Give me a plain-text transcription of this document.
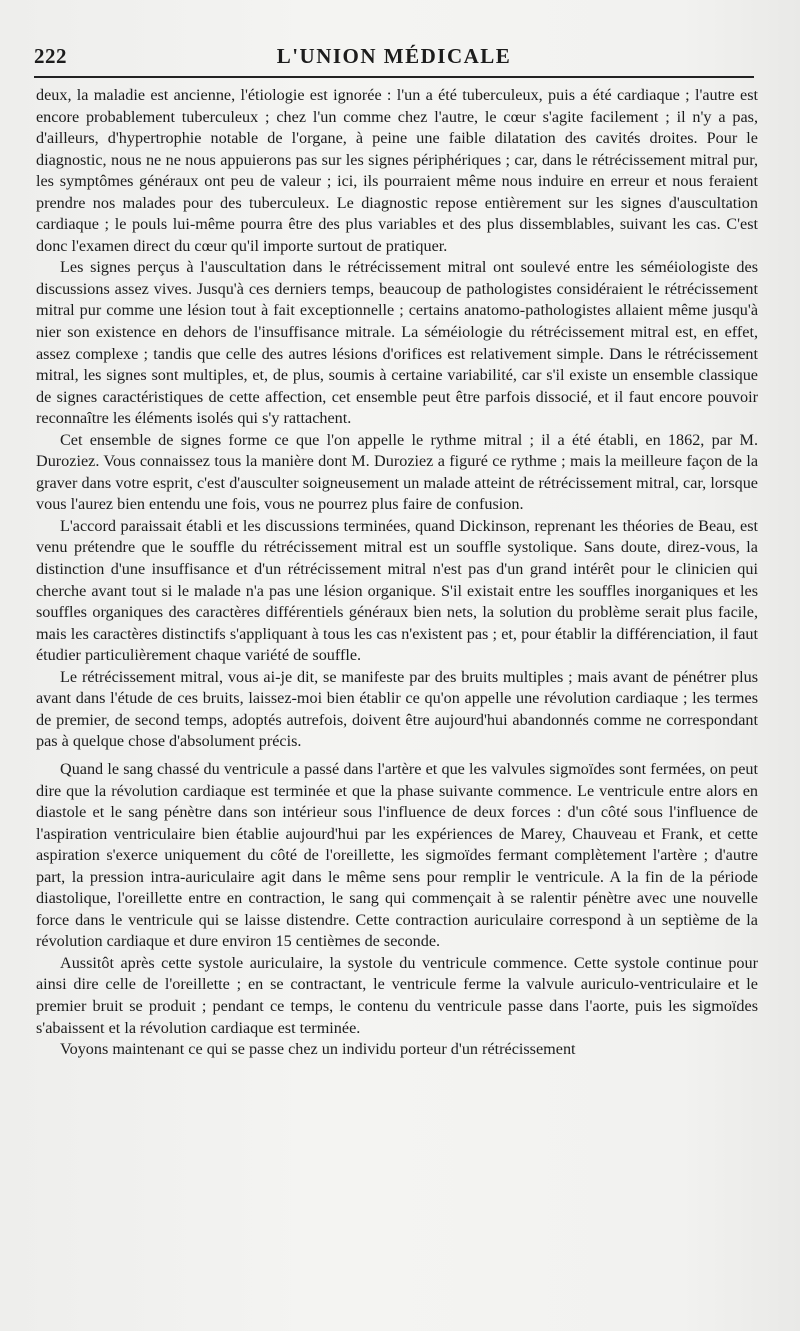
222	L'UNION MÉDICALE

deux, la maladie est ancienne, l'étiologie est ignorée : l'un a été tuberculeux, puis a été cardiaque ; l'autre est encore probablement tuberculeux ; chez l'un comme chez l'autre, le cœur s'agite facilement ; il n'y a pas, d'ailleurs, d'hypertrophie notable de l'organe, à peine une faible dilatation des cavités droites. Pour le diagnostic, nous ne ne nous appuierons pas sur les signes périphériques ; car, dans le rétrécissement mitral pur, les symptômes généraux ont peu de valeur ; ici, ils pourraient même nous induire en erreur et nous feraient prendre nos malades pour des tuberculeux. Le diagnostic repose entièrement sur les signes d'auscultation cardiaque ; le pouls lui-même pourra être des plus variables et des plus dissemblables, suivant les cas. C'est donc l'examen direct du cœur qu'il importe surtout de pratiquer.

Les signes perçus à l'auscultation dans le rétrécissement mitral ont soulevé entre les séméiologiste des discussions assez vives. Jusqu'à ces derniers temps, beaucoup de pathologistes considéraient le rétrécissement mitral pur comme une lésion tout à fait exceptionnelle ; certains anatomo-pathologistes allaient même jusqu'à nier son existence en dehors de l'insuffisance mitrale. La séméiologie du rétrécissement mitral est, en effet, assez complexe ; tandis que celle des autres lésions d'orifices est relativement simple. Dans le rétrécissement mitral, les signes sont multiples, et, de plus, soumis à certaine variabilité, car s'il existe un ensemble classique de signes caractéristiques de cette affection, cet ensemble peut être parfois dissocié, et il faut encore pouvoir reconnaître les éléments isolés qui s'y rattachent.

Cet ensemble de signes forme ce que l'on appelle le rythme mitral ; il a été établi, en 1862, par M. Duroziez. Vous connaissez tous la manière dont M. Duroziez a figuré ce rythme ; mais la meilleure façon de la graver dans votre esprit, c'est d'ausculter soigneusement un malade atteint de rétrécissement mitral, car, lorsque vous l'aurez bien entendu une fois, vous ne pourrez plus faire de confusion.

L'accord paraissait établi et les discussions terminées, quand Dickinson, reprenant les théories de Beau, est venu prétendre que le souffle du rétrécissement mitral est un souffle systolique. Sans doute, direz-vous, la distinction d'une insuffisance et d'un rétrécissement mitral n'est pas d'un grand intérêt pour le clinicien qui cherche avant tout si le malade n'a pas une lésion organique. S'il existait entre les souffles inorganiques et les souffles organiques des caractères différentiels généraux bien nets, la solution du problème serait plus facile, mais les caractères distinctifs s'appliquant à tous les cas n'existent pas ; et, pour établir la différenciation, il faut étudier particulièrement chaque variété de souffle.

Le rétrécissement mitral, vous ai-je dit, se manifeste par des bruits multiples ; mais avant de pénétrer plus avant dans l'étude de ces bruits, laissez-moi bien établir ce qu'on appelle une révolution cardiaque ; les termes de premier, de second temps, adoptés autrefois, doivent être aujourd'hui abandonnés comme ne correspondant pas à quelque chose d'absolument précis.

Quand le sang chassé du ventricule a passé dans l'artère et que les valvules sigmoïdes sont fermées, on peut dire que la révolution cardiaque est terminée et que la phase suivante commence. Le ventricule entre alors en diastole et le sang pénètre dans son intérieur sous l'influence de deux forces : d'un côté sous l'influence de l'aspiration ventriculaire bien établie aujourd'hui par les expériences de Marey, Chauveau et Frank, et cette aspiration s'exerce uniquement du côté de l'oreillette, les sigmoïdes fermant complètement l'artère ; d'autre part, la pression intra-auriculaire agit dans le même sens pour remplir le ventricule. A la fin de la période diastolique, l'oreillette entre en contraction, le sang qui commençait à se ralentir pénètre avec une nouvelle force dans le ventricule qui se laisse distendre. Cette contraction auriculaire correspond à un septième de la révolution cardiaque et dure environ 15 centièmes de seconde.

Aussitôt après cette systole auriculaire, la systole du ventricule commence. Cette systole continue pour ainsi dire celle de l'oreillette ; en se contractant, le ventricule ferme la valvule auriculo-ventriculaire et le premier bruit se produit ; pendant ce temps, le contenu du ventricule passe dans l'aorte, puis les sigmoïdes s'abaissent et la révolution cardiaque est terminée.

Voyons maintenant ce qui se passe chez un individu porteur d'un rétrécissement
